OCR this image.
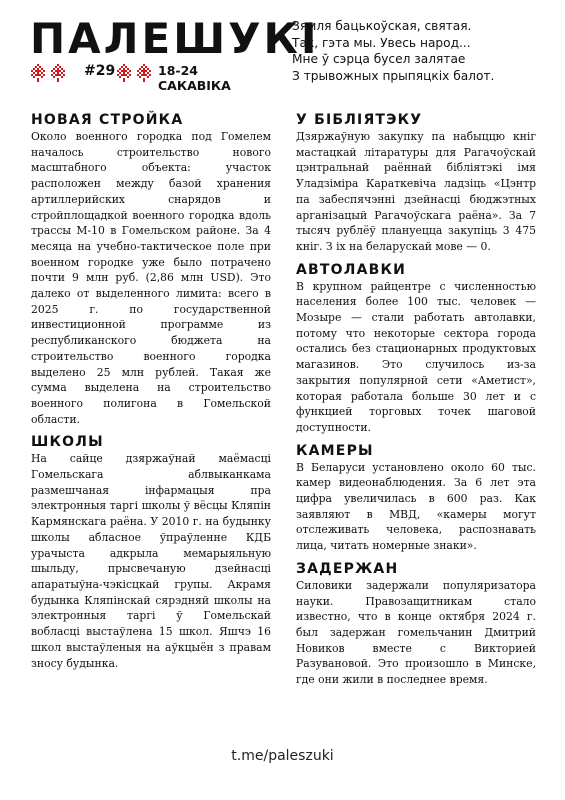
ПАЛЕШУКІ
#29	18-24 САКАВІКА
Зямля бацькоўская, святая.
Так, гэта мы. Увесь народ...
Мне ў сэрца бусел залятае
З трывожных прыпяцкіх балот.
НОВАЯ СТРОЙКА

Около военного городка под Гомелем началось строительство нового масштабного объекта: участок расположен между базой хранения артиллерийских снарядов и стройплощадкой военного городка вдоль трассы М-10 в Гомельском районе. За 4 месяца на учебно-тактическое поле при военном городке уже было потрачено почти 9 млн руб. (2,86 млн USD). Это далеко от выделенного лимита: всего в 2025 г. по государственной инвестиционной программе из республиканского бюджета на строительство военного городка выделено 25 млн рублей. Такая же сумма выделена на строительство военного полигона в Гомельской области.

ШКОЛЫ

На сайце дзяржаўнай маёмасці Гомельскага аблвыканкама размешчаная інфармацыя пра электронныя таргі школы ў вёсцы Кляпін Кармянскага раёна. У 2010 г. на будынку школы абласное ўпраўленне КДБ урачыста адкрыла мемарыяльную шыльду, прысвечаную дзейнасці апаратыўна-чэкісцкай групы. Акрамя будынка Кляпінскай сярэдняй школы на электронныя таргі ў Гомельскай вобласці выстаўлена 15 школ. Яшчэ 16 школ выстаўленыя на аўкцыён з правам зносу будынка.

У БІБЛІЯТЭКУ

Дзяржаўную закупку па набыццю кніг мастацкай літаратуры для Рагачоўскай цэнтральнай раённай бібліятэкі імя Уладзіміра Караткевіча ладзіць «Цэнтр па забеспячэнні дзейнасці бюджэтных арганізацый Рагачоўскага раёна». За 7 тысяч рублёў плануецца закупіць 3 475 кніг. З іх на беларускай мове — 0.

АВТОЛАВКИ

В крупном райцентре с численностью населения более 100 тыс. человек — Мозыре — стали работать автолавки, потому что некоторые сектора города остались без стационарных продуктовых магазинов. Это случилось из-за закрытия популярной сети «Аметист», которая работала больше 30 лет и с функцией торговых точек шаговой доступности.

КАМЕРЫ

В Беларуси установлено около 60 тыс. камер видеонаблюдения. За 6 лет эта цифра увеличилась в 600 раз. Как заявляют в МВД, «камеры могут отслеживать человека, распознавать лица, читать номерные знаки».

ЗАДЕРЖАН

Силовики задержали популяризатора науки. Правозащитникам стало известно, что в конце октября 2024 г. был задержан гомельчанин Дмитрий Новиков вместе с Викторией Разувановой. Это произошло в Минске, где они жили в последнее время.

t.me/paleszuki
